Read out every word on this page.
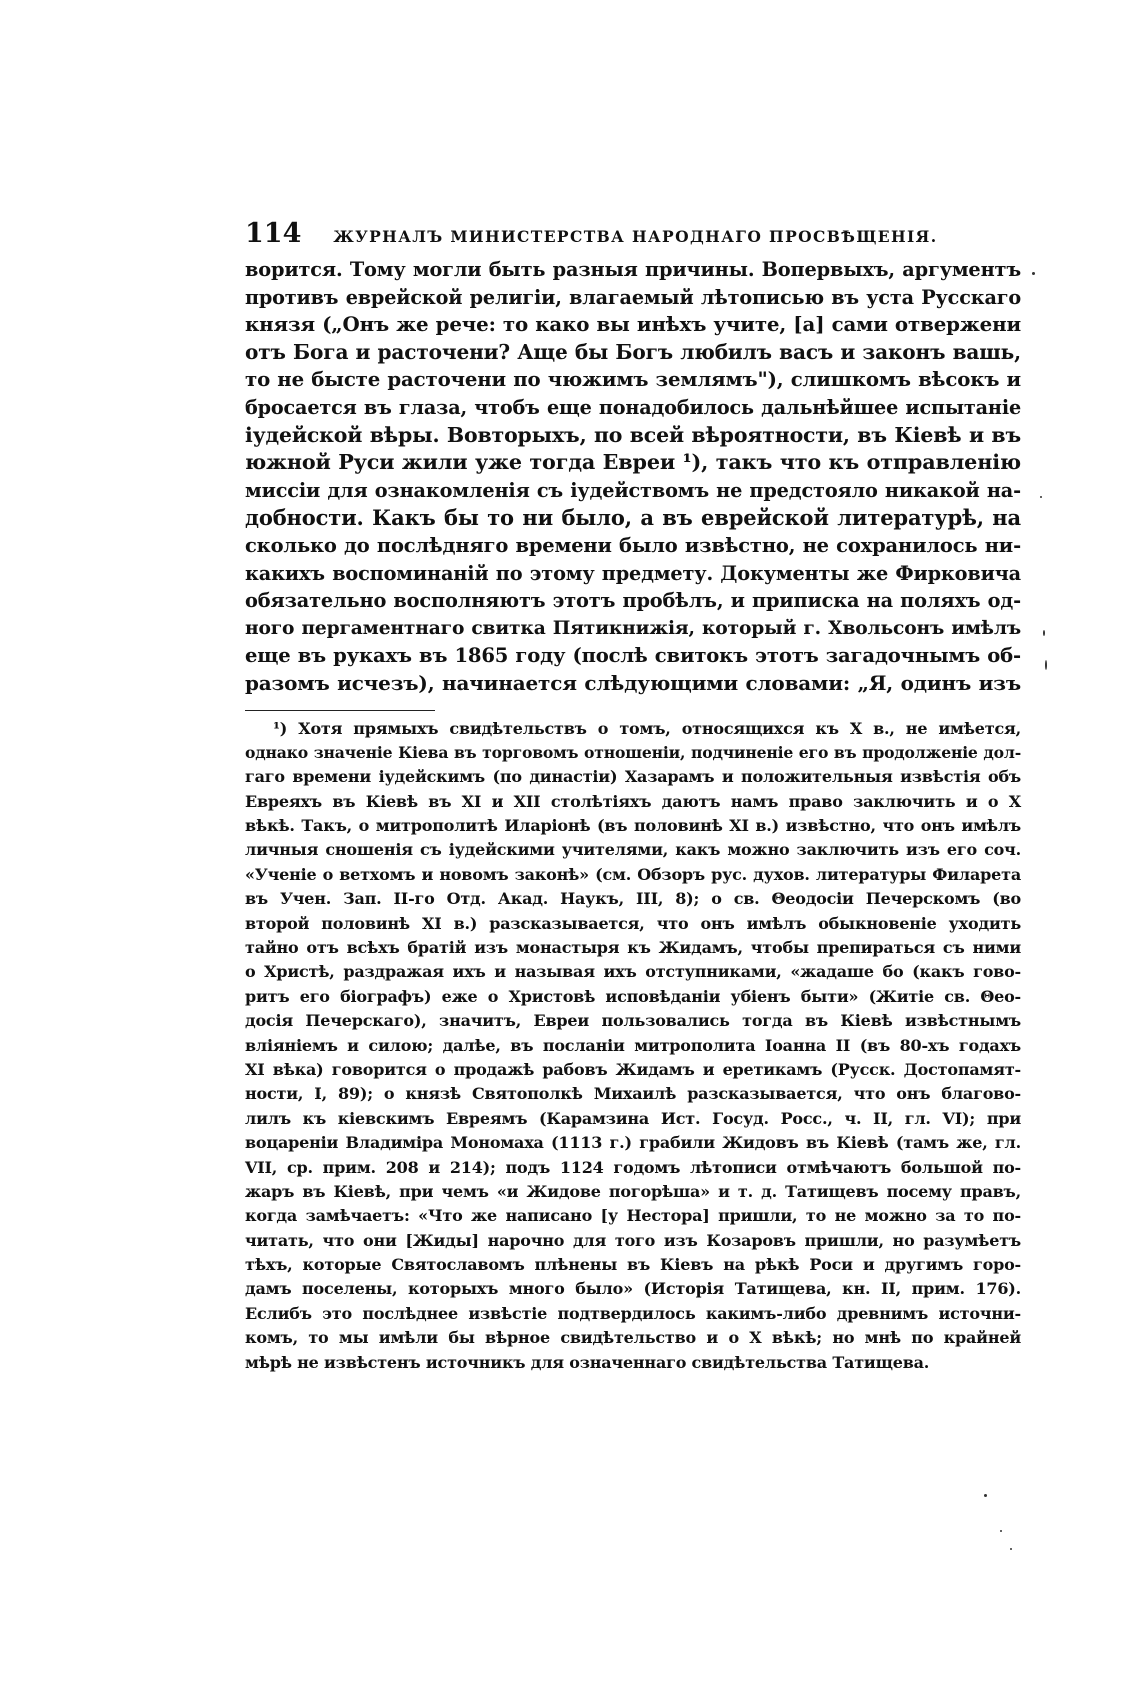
114 ЖУРНАЛЪ МИНИСТЕРСТВА НАРОДНАГО ПРОСВѢЩЕНІЯ.
ворится. Тому могли быть разныя причины. Вопервыхъ, аргументъ
противъ еврейской религіи, влагаемый лѣтописью въ уста Русскаго
князя („Онъ же рече: то како вы инѣхъ учите, [а] сами отвержени
отъ Бога и расточени? Аще бы Богъ любилъ васъ и законъ вашь,
то не бысте расточени по чюжимъ землямъ"), слишкомъ вѣсокъ и
бросается въ глаза, чтобъ еще понадобилось дальнѣйшее испытаніе
іудейской вѣры. Вовторыхъ, по всей вѣроятности, въ Кіевѣ и въ
южной Руси жили уже тогда Евреи ¹), такъ что къ отправленію
миссіи для ознакомленія съ іудействомъ не предстояло никакой на-
добности. Какъ бы то ни было, а въ еврейской литературѣ, на
сколько до послѣдняго времени было извѣстно, не сохранилось ни-
какихъ воспоминаній по этому предмету. Документы же Фирковича
обязательно восполняютъ этотъ пробѣлъ, и приписка на поляхъ од-
ного пергаментнаго свитка Пятикнижія, который г. Хвольсонъ имѣлъ
еще въ рукахъ въ 1865 году (послѣ свитокъ этотъ загадочнымъ об-
разомъ исчезъ), начинается слѣдующими словами: „Я, одинъ изъ
¹) Хотя прямыхъ свидѣтельствъ о томъ, относящихся къ X в., не имѣется,
однако значеніе Кіева въ торговомъ отношеніи, подчиненіе его въ продолженіе дол-
гаго времени іудейскимъ (по династіи) Хазарамъ и положительныя извѣстія объ
Евреяхъ въ Кіевѣ въ XI и XII столѣтіяхъ даютъ намъ право заключить и о X
вѣкѣ. Такъ, о митрополитѣ Иларіонѣ (въ половинѣ XI в.) извѣстно, что онъ имѣлъ
личныя сношенія съ іудейскими учителями, какъ можно заключить изъ его соч.
«Ученіе о ветхомъ и новомъ законѣ» (см. Обзоръ рус. духов. литературы Филарета
въ Учен. Зап. II-го Отд. Акад. Наукъ, III, 8); о св. Θеодосіи Печерскомъ (во
второй половинѣ XI в.) разсказывается, что онъ имѣлъ обыкновеніе уходить
тайно отъ всѣхъ братій изъ монастыря къ Жидамъ, чтобы препираться съ ними
о Христѣ, раздражая ихъ и называя ихъ отступниками, «жадаше бо (какъ гово-
ритъ его біографъ) еже о Христовѣ исповѣданіи убіенъ быти» (Житіе св. Θео-
досія Печерскаго), значитъ, Евреи пользовались тогда въ Кіевѣ извѣстнымъ
вліяніемъ и силою; далѣе, въ посланіи митрополита Іоанна II (въ 80-хъ годахъ
XI вѣка) говорится о продажѣ рабовъ Жидамъ и еретикамъ (Русск. Достопамят-
ности, I, 89); о князѣ Святополкѣ Михаилѣ разсказывается, что онъ благово-
лилъ къ кіевскимъ Евреямъ (Карамзина Ист. Госуд. Росс., ч. II, гл. VI); при
воцареніи Владиміра Мономаха (1113 г.) грабили Жидовъ въ Кіевѣ (тамъ же, гл.
VII, ср. прим. 208 и 214); подъ 1124 годомъ лѣтописи отмѣчаютъ большой по-
жаръ въ Кіевѣ, при чемъ «и Жидове погорѣша» и т. д. Татищевъ посему правъ,
когда замѣчаетъ: «Что же написано [у Нестора] пришли, то не можно за то по-
читать, что они [Жиды] нарочно для того изъ Козаровъ пришли, но разумѣетъ
тѣхъ, которые Святославомъ плѣнены въ Кіевъ на рѣкѣ Роси и другимъ горо-
дамъ поселены, которыхъ много было» (Исторія Татищева, кн. II, прим. 176).
Еслибъ это послѣднее извѣстіе подтвердилось какимъ-либо древнимъ источни-
комъ, то мы имѣли бы вѣрное свидѣтельство и о X вѣкѣ; но мнѣ по крайней
мѣрѣ не извѣстенъ источникъ для означеннаго свидѣтельства Татищева.
